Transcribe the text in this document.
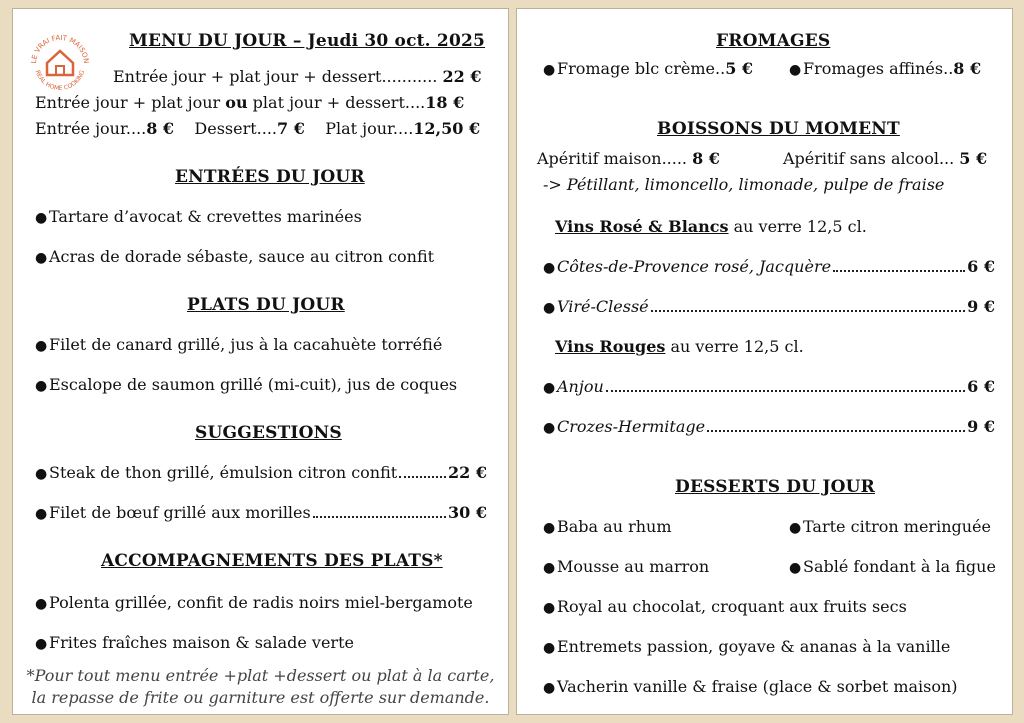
LE VRAI FAIT MAISON
REAL HOME COOKING
MENU DU JOUR – Jeudi 30 oct. 2025
Entrée jour + plat jour + dessert........... 22 €
Entrée jour + plat jour ou plat jour + dessert....18 €
Entrée jour....8 € Dessert....7 € Plat jour....12,50 €
ENTRÉES DU JOUR
● Tartare d’avocat & crevettes marinées
● Acras de dorade sébaste, sauce au citron confit
PLATS DU JOUR
● Filet de canard grillé, jus à la cacahuète torréfié
● Escalope de saumon grillé (mi-cuit), jus de coques
SUGGESTIONS
● Steak de thon grillé, émulsion citron confit	22 €
● Filet de bœuf grillé aux morilles	30 €
ACCOMPAGNEMENTS DES PLATS*
● Polenta grillée, confit de radis noirs miel-bergamote
● Frites fraîches maison & salade verte
*Pour tout menu entrée +plat +dessert ou plat à la carte,
la repasse de frite ou garniture est offerte sur demande.
FROMAGES
● Fromage blc crème..5 €	● Fromages affinés..8 €
BOISSONS DU MOMENT
Apéritif maison..... 8 €	Apéritif sans alcool... 5 €
-> Pétillant, limoncello, limonade, pulpe de fraise
Vins Rosé & Blancs au verre 12,5 cl.
● Côtes-de-Provence rosé, Jacquère	6 €
● Viré-Clessé	9 €
Vins Rouges au verre 12,5 cl.
● Anjou	6 €
● Crozes-Hermitage	9 €
DESSERTS DU JOUR
● Baba au rhum	● Tarte citron meringuée
● Mousse au marron	● Sablé fondant à la figue
● Royal au chocolat, croquant aux fruits secs
● Entremets passion, goyave & ananas à la vanille
● Vacherin vanille & fraise (glace & sorbet maison)
